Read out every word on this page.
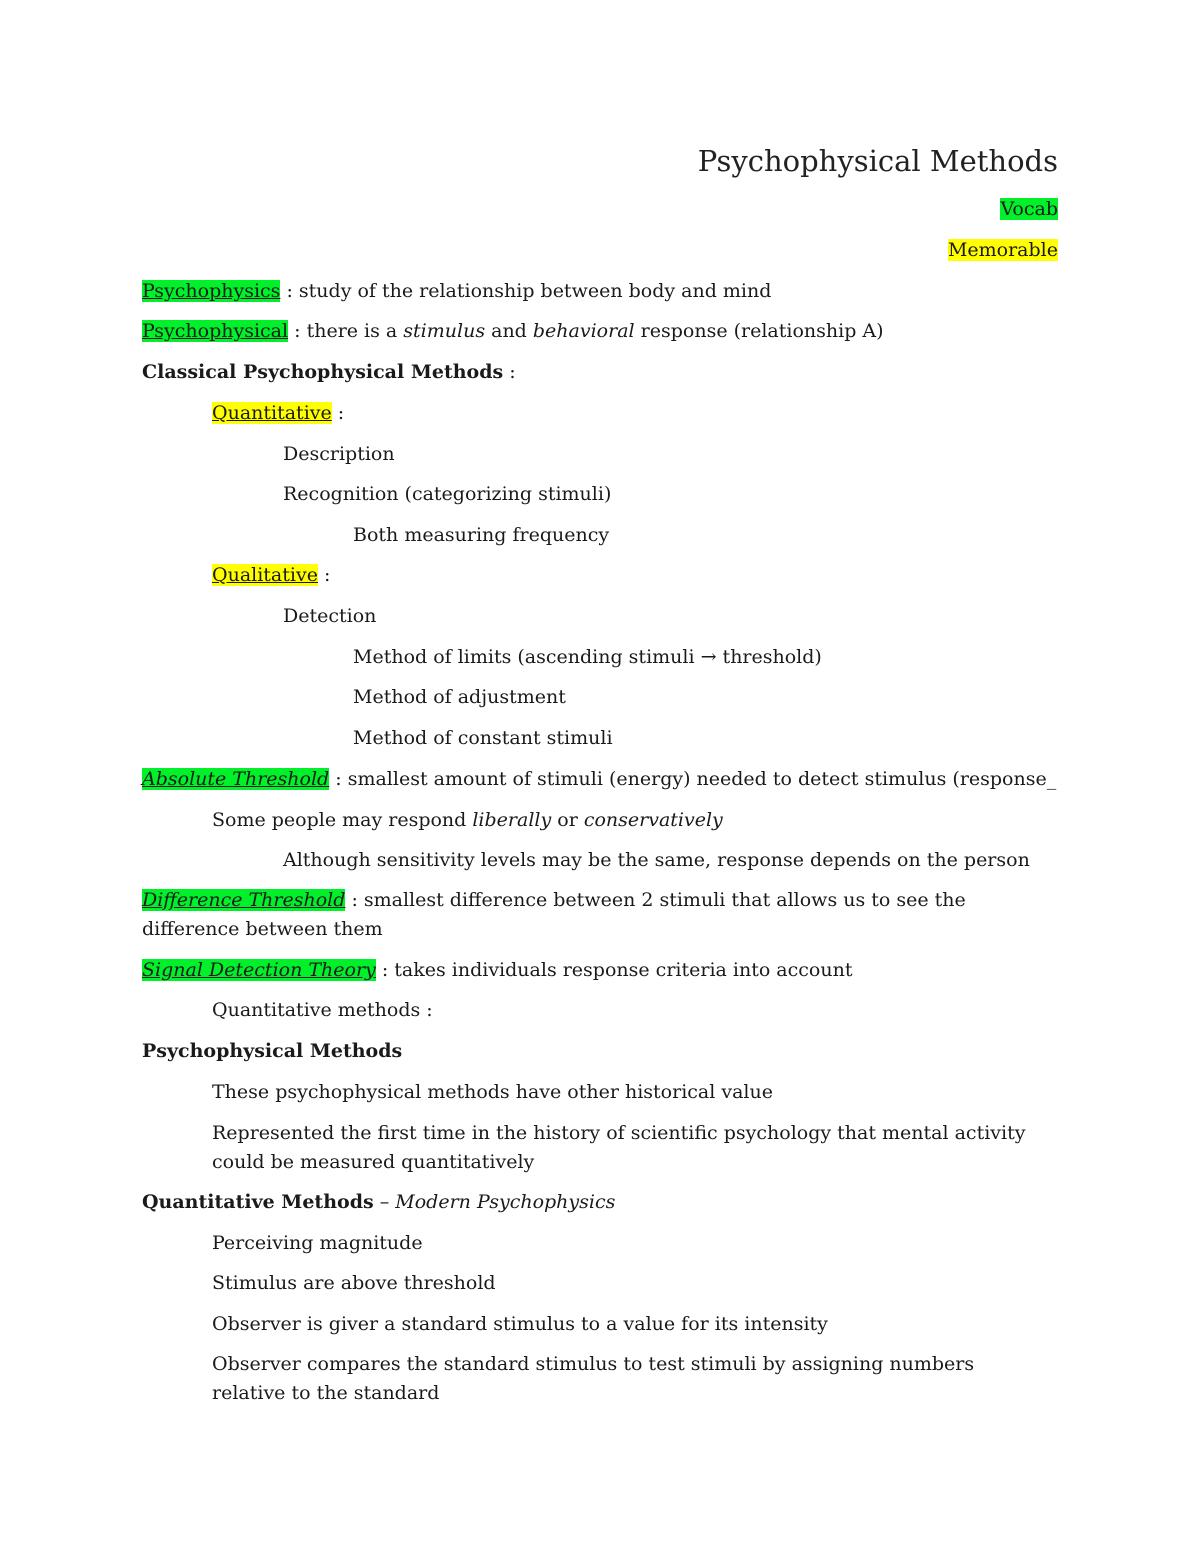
Psychophysical Methods
Vocab
Memorable
Psychophysics : study of the relationship between body and mind
Psychophysical : there is a stimulus and behavioral response (relationship A)
Classical Psychophysical Methods :
Quantitative :
Description
Recognition (categorizing stimuli)
Both measuring frequency
Qualitative :
Detection
Method of limits (ascending stimuli → threshold)
Method of adjustment
Method of constant stimuli
Absolute Threshold : smallest amount of stimuli (energy) needed to detect stimulus (response_
Some people may respond liberally or conservatively
Although sensitivity levels may be the same, response depends on the person
Difference Threshold : smallest difference between 2 stimuli that allows us to see the difference between them
Signal Detection Theory : takes individuals response criteria into account
Quantitative methods :
Psychophysical Methods
These psychophysical methods have other historical value
Represented the first time in the history of scientific psychology that mental activity could be measured quantitatively
Quantitative Methods – Modern Psychophysics
Perceiving magnitude
Stimulus are above threshold
Observer is giver a standard stimulus to a value for its intensity
Observer compares the standard stimulus to test stimuli by assigning numbers relative to the standard
